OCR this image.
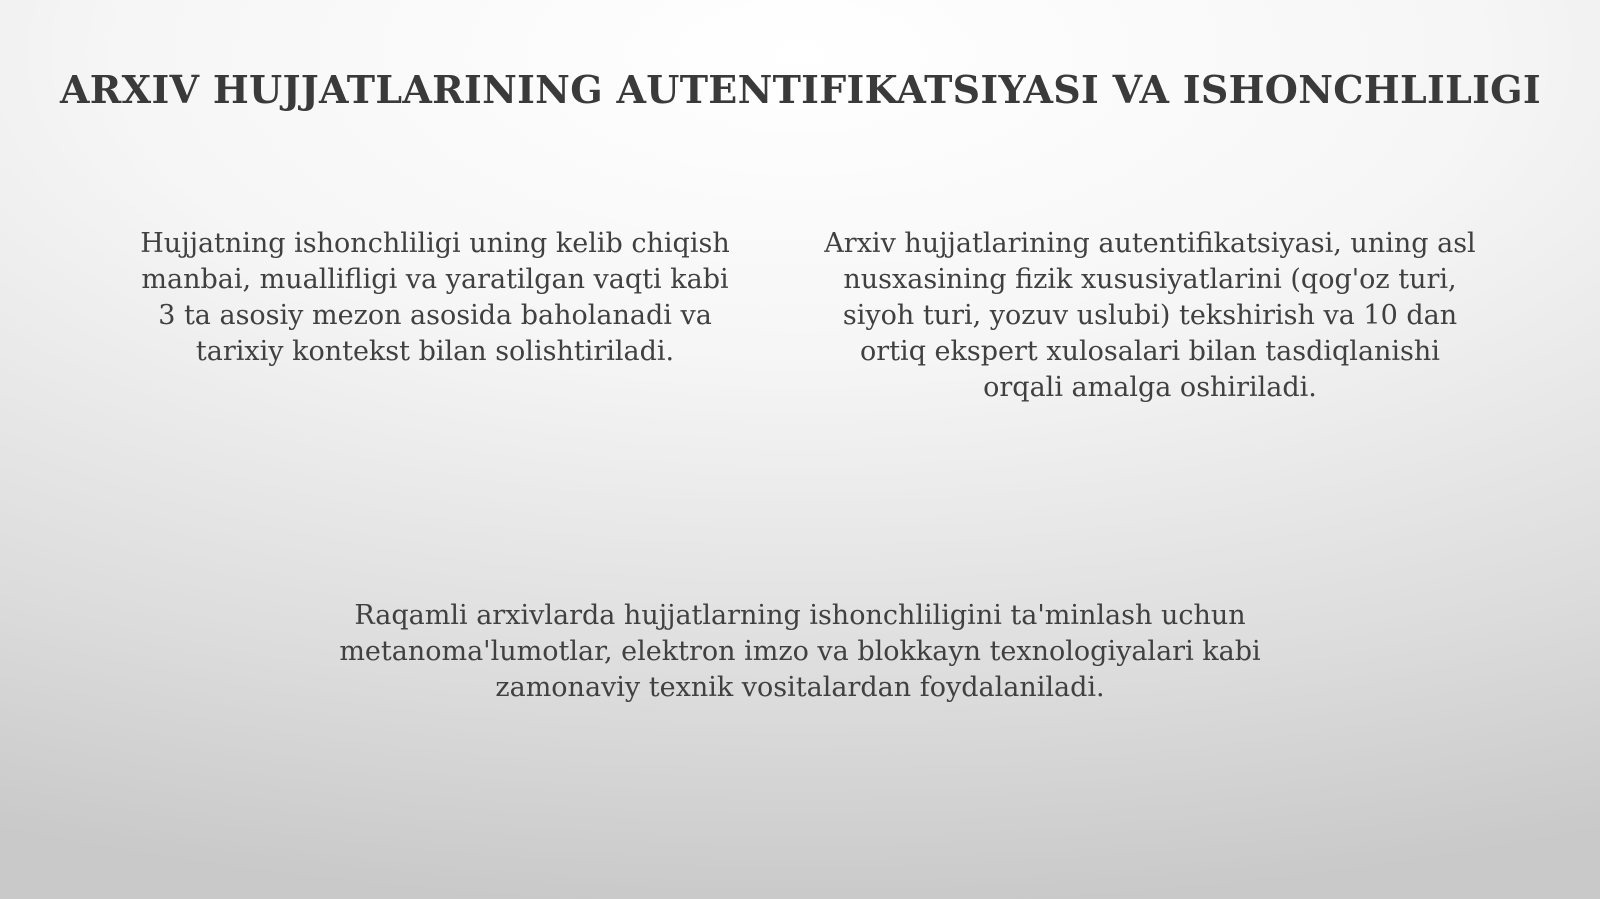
ARXIV HUJJATLARINING AUTENTIFIKATSIYASI VA ISHONCHLILIGI

Hujjatning ishonchliligi uning kelib chiqish
manbai, muallifligi va yaratilgan vaqti kabi
3 ta asosiy mezon asosida baholanadi va
tarixiy kontekst bilan solishtiriladi.

Arxiv hujjatlarining autentifikatsiyasi, uning asl
nusxasining fizik xususiyatlarini (qog'oz turi,
siyoh turi, yozuv uslubi) tekshirish va 10 dan
ortiq ekspert xulosalari bilan tasdiqlanishi
orqali amalga oshiriladi.

Raqamli arxivlarda hujjatlarning ishonchliligini ta'minlash uchun
metanoma'lumotlar, elektron imzo va blokkayn texnologiyalari kabi
zamonaviy texnik vositalardan foydalaniladi.
